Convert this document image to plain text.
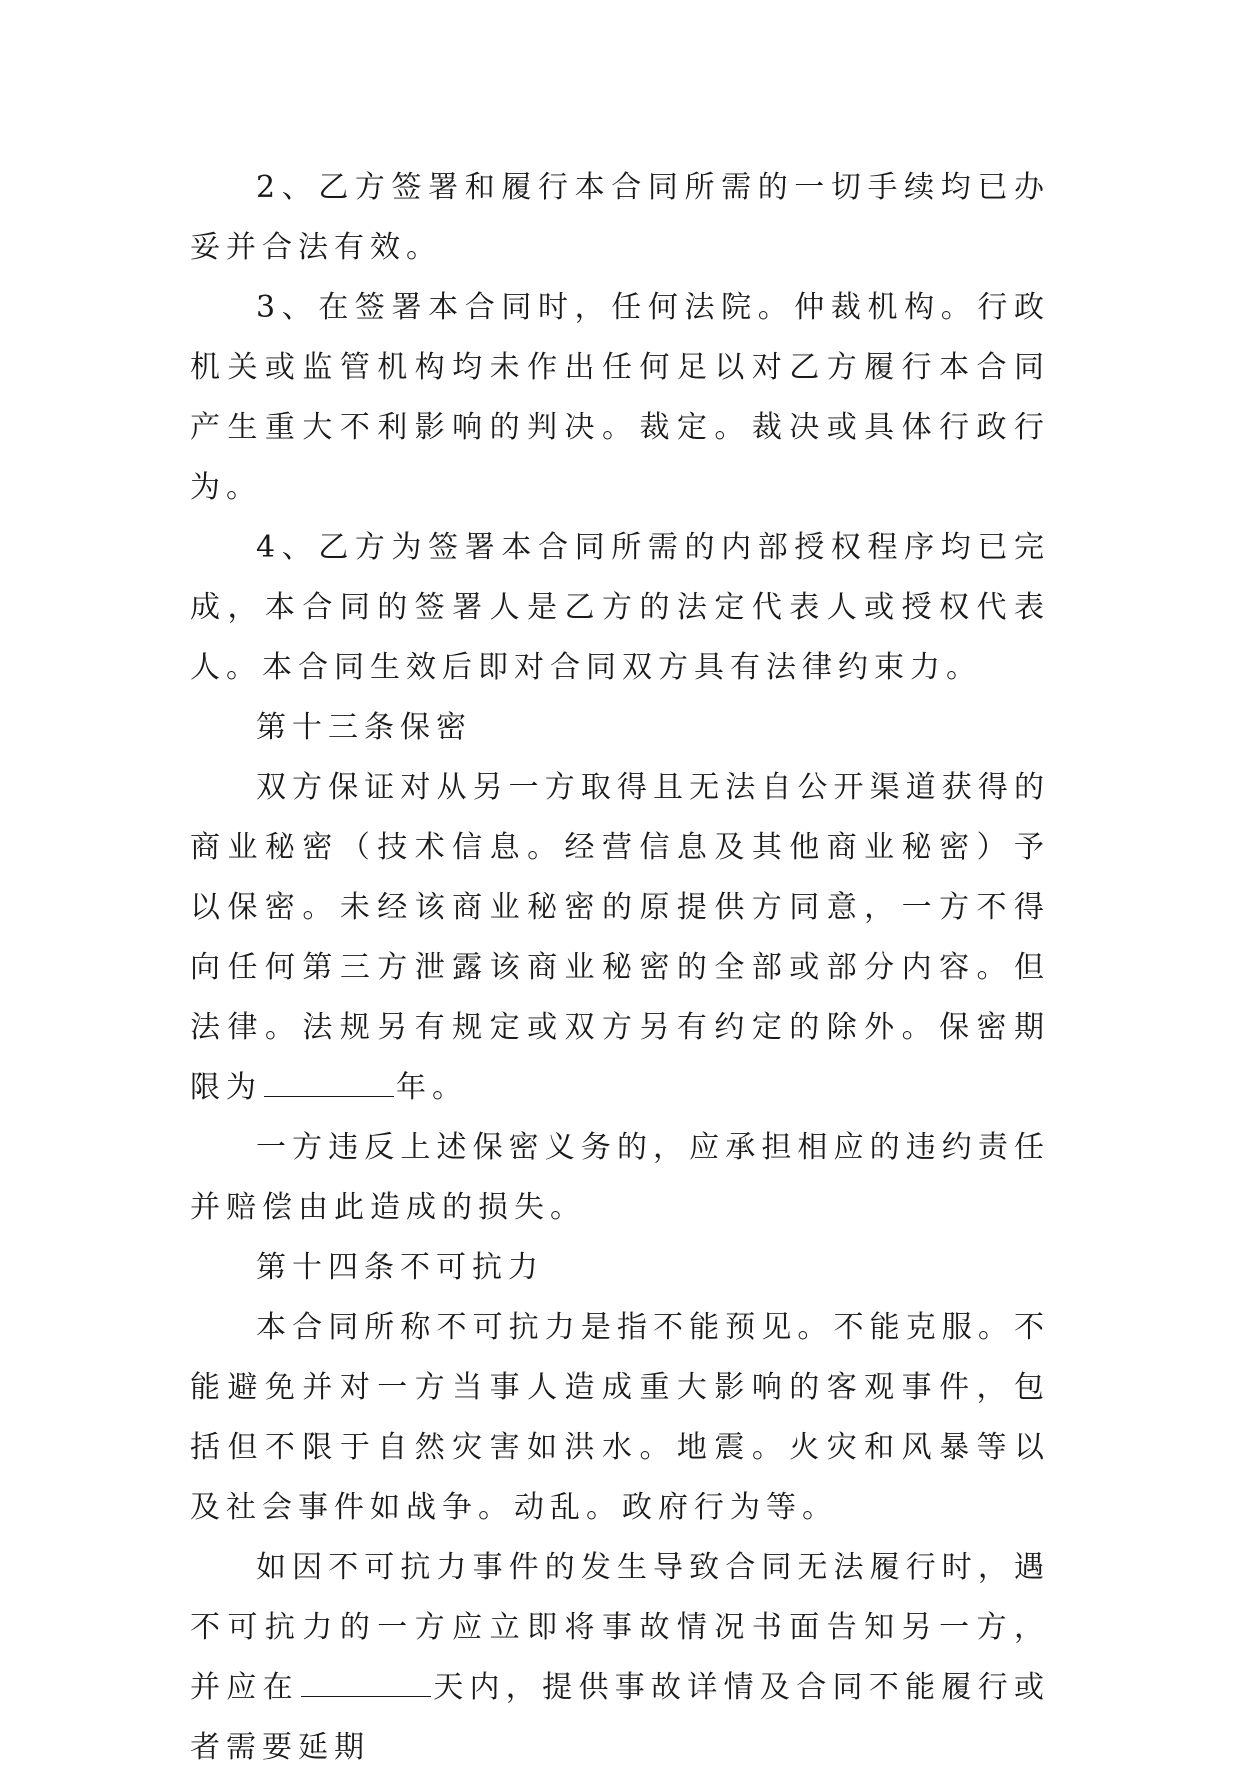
2、乙方签署和履行本合同所需的一切手续均已办妥并合法有效。

3、在签署本合同时，任何法院。仲裁机构。行政机关或监管机构均未作出任何足以对乙方履行本合同产生重大不利影响的判决。裁定。裁决或具体行政行为。

4、乙方为签署本合同所需的内部授权程序均已完成，本合同的签署人是乙方的法定代表人或授权代表人。本合同生效后即对合同双方具有法律约束力。

第十三条保密

双方保证对从另一方取得且无法自公开渠道获得的商业秘密（技术信息。经营信息及其他商业秘密）予以保密。未经该商业秘密的原提供方同意，一方不得向任何第三方泄露该商业秘密的全部或部分内容。但法律。法规另有规定或双方另有约定的除外。保密期限为	年。

一方违反上述保密义务的，应承担相应的违约责任并赔偿由此造成的损失。

第十四条不可抗力

本合同所称不可抗力是指不能预见。不能克服。不能避免并对一方当事人造成重大影响的客观事件，包括但不限于自然灾害如洪水。地震。火灾和风暴等以及社会事件如战争。动乱。政府行为等。

如因不可抗力事件的发生导致合同无法履行时，遇不可抗力的一方应立即将事故情况书面告知另一方，并应在	天内，提供事故详情及合同不能履行或者需要延期
